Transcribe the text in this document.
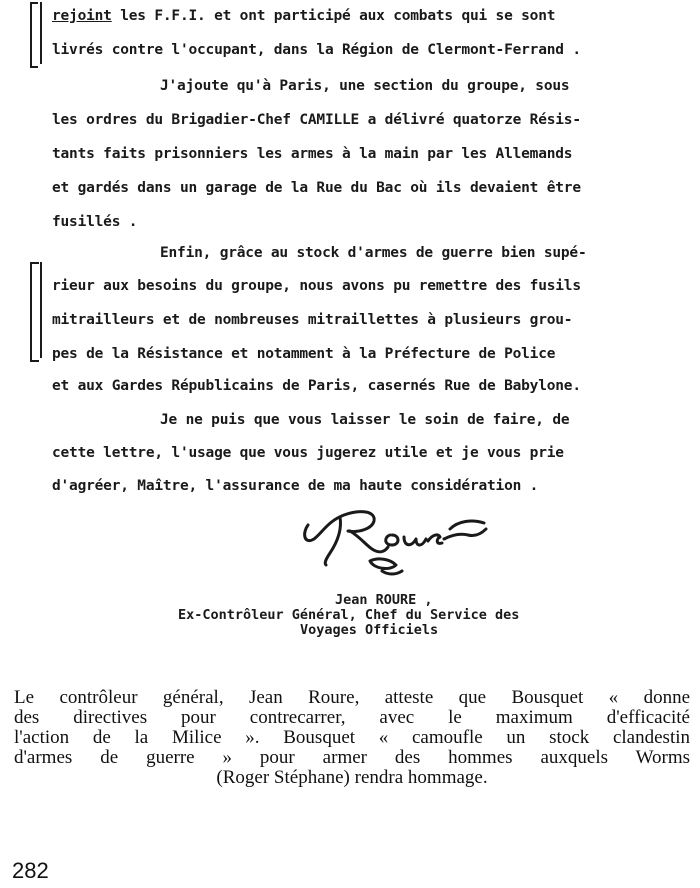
rejoint les F.F.I. et ont participé aux combats qui se sont
livrés contre l'occupant, dans la Région de Clermont-Ferrand .
J'ajoute qu'à Paris, une section du groupe, sous
les ordres du Brigadier-Chef CAMILLE a délivré quatorze Résis-
tants faits prisonniers les armes à la main par les Allemands
et gardés dans un garage de la Rue du Bac où ils devaient être
fusillés .
Enfin, grâce au stock d'armes de guerre bien supé-
rieur aux besoins du groupe, nous avons pu remettre des fusils
mitrailleurs et de nombreuses mitraillettes à plusieurs grou-
pes de la Résistance et notamment à la Préfecture de Police
et aux Gardes Républicains de Paris, casernés Rue de Babylone.
Je ne puis que vous laisser le soin de faire, de
cette lettre, l'usage que vous jugerez utile et je vous prie
d'agréer, Maître, l'assurance de ma haute considération .
Jean ROURE ,
Ex-Contrôleur Général, Chef du Service des
Voyages Officiels
Le contrôleur général, Jean Roure, atteste que Bousquet « donne
des directives pour contrecarrer, avec le maximum d'efficacité
l'action de la Milice ». Bousquet « camoufle un stock clandestin
d'armes de guerre » pour armer des hommes auxquels Worms
(Roger Stéphane) rendra hommage.
282
